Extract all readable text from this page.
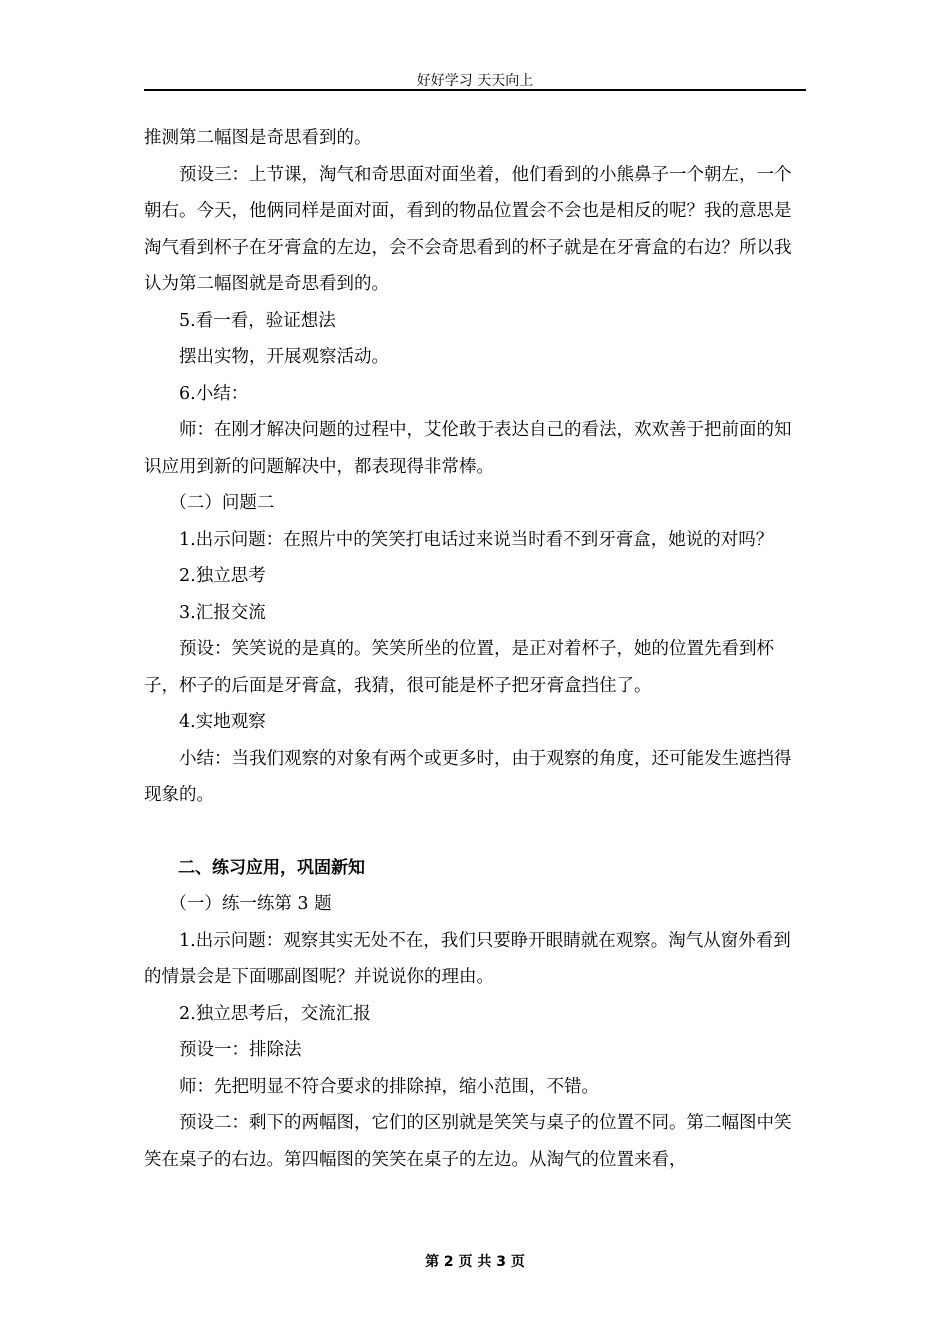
好好学习 天天向上

推测第二幅图是奇思看到的。

预设三：上节课，淘气和奇思面对面坐着，他们看到的小熊鼻子一个朝左，一个朝右。今天，他俩同样是面对面，看到的物品位置会不会也是相反的呢？我的意思是淘气看到杯子在牙膏盒的左边，会不会奇思看到的杯子就是在牙膏盒的右边？所以我认为第二幅图就是奇思看到的。

5.看一看，验证想法

摆出实物，开展观察活动。

6.小结：

师：在刚才解决问题的过程中，艾伦敢于表达自己的看法，欢欢善于把前面的知识应用到新的问题解决中，都表现得非常棒。

（二）问题二

1.出示问题：在照片中的笑笑打电话过来说当时看不到牙膏盒，她说的对吗？

2.独立思考

3.汇报交流

预设：笑笑说的是真的。笑笑所坐的位置，是正对着杯子，她的位置先看到杯子，杯子的后面是牙膏盒，我猜，很可能是杯子把牙膏盒挡住了。

4.实地观察

小结：当我们观察的对象有两个或更多时，由于观察的角度，还可能发生遮挡得现象的。

二、练习应用，巩固新知

（一）练一练第 3 题

1.出示问题：观察其实无处不在，我们只要睁开眼睛就在观察。淘气从窗外看到的情景会是下面哪副图呢？并说说你的理由。

2.独立思考后，交流汇报

预设一：排除法

师：先把明显不符合要求的排除掉，缩小范围，不错。

预设二：剩下的两幅图，它们的区别就是笑笑与桌子的位置不同。第二幅图中笑笑在桌子的右边。第四幅图的笑笑在桌子的左边。从淘气的位置来看，

第 2 页 共 3 页
